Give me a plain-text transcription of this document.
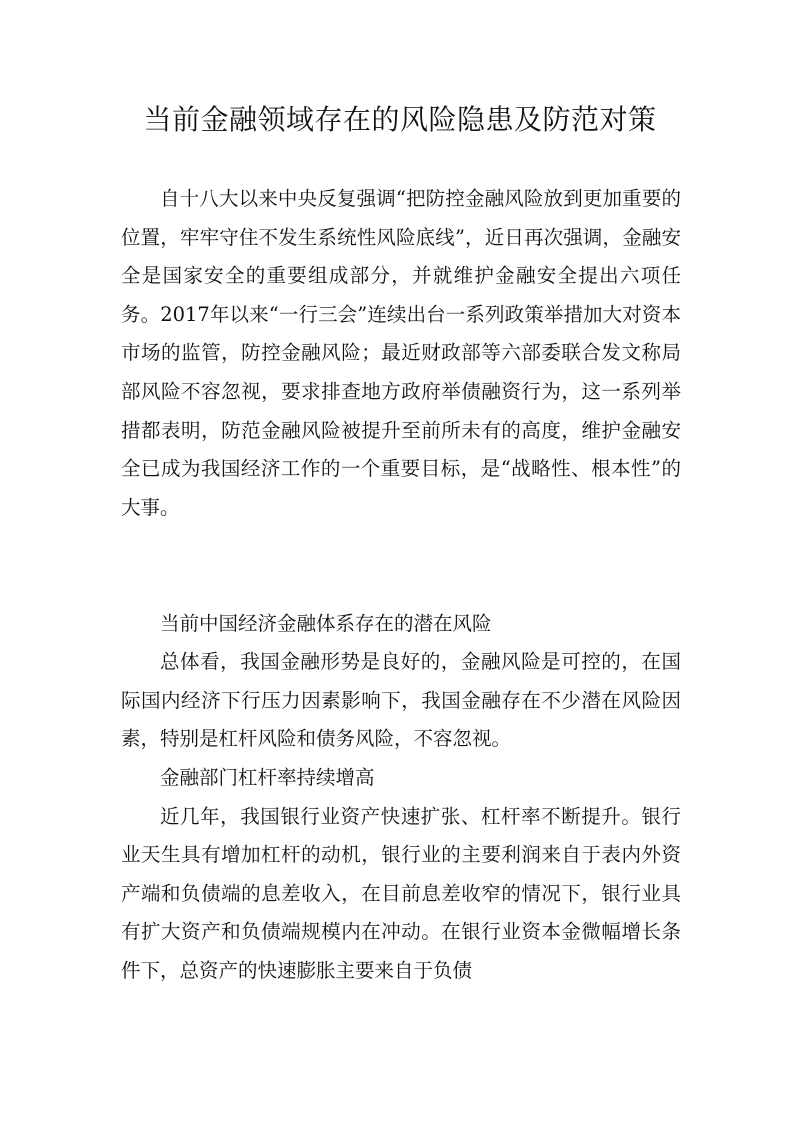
当前金融领域存在的风险隐患及防范对策

自十八大以来中央反复强调“把防控金融风险放到更加重要的位置，牢牢守住不发生系统性风险底线”，近日再次强调，金融安全是国家安全的重要组成部分，并就维护金融安全提出六项任务。2017年以来“一行三会”连续出台一系列政策举措加大对资本市场的监管，防控金融风险；最近财政部等六部委联合发文称局部风险不容忽视，要求排查地方政府举债融资行为，这一系列举措都表明，防范金融风险被提升至前所未有的高度，维护金融安全已成为我国经济工作的一个重要目标，是“战略性、根本性”的大事。

当前中国经济金融体系存在的潜在风险

总体看，我国金融形势是良好的，金融风险是可控的，在国际国内经济下行压力因素影响下，我国金融存在不少潜在风险因素，特别是杠杆风险和债务风险，不容忽视。

金融部门杠杆率持续增高

近几年，我国银行业资产快速扩张、杠杆率不断提升。银行业天生具有增加杠杆的动机，银行业的主要利润来自于表内外资产端和负债端的息差收入，在目前息差收窄的情况下，银行业具有扩大资产和负债端规模内在冲动。在银行业资本金微幅增长条件下，总资产的快速膨胀主要来自于负债
